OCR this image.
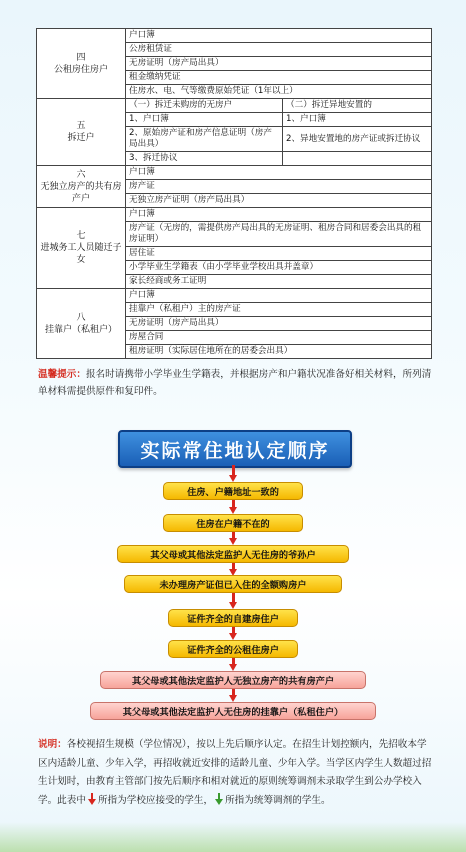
四
公租房住房户	户口簿	
	公房租赁证	
	无房证明（房产局出具）	
	租金缴纳凭证	
	住房水、电、气等缴费原始凭证（1年以上）	

五
拆迁户	（一）拆迁未购房的无房户	（二）拆迁异地安置的
	1、户口簿	1、户口簿
	2、原始房产证和房产信息证明（房产局出具）	2、异地安置地的房产证或拆迁协议
	3、拆迁协议	

六
无独立房产的共有房产户	户口簿	
	房产证	
	无独立房产证明（房产局出具）	

七
进城务工人员随迁子女	户口簿	
	房产证（无房的，需提供房产局出具的无房证明、租房合同和居委会出具的租房证明）	
	居住证	
	小学毕业生学籍表（由小学毕业学校出具并盖章）	
	家长经商或务工证明	

八
挂靠户（私租户）	户口簿	
	挂靠户（私租户）主的房产证	
	无房证明（房产局出具）	
	房屋合同	
	租房证明（实际居住地所在的居委会出具）	
温馨提示：报名时请携带小学毕业生学籍表，并根据房产和户籍状况准备好相关材料，所列清单材料需提供原件和复印件。
实际常住地认定顺序
住房、户籍地址一致的
住房在户籍不在的
其父母或其他法定监护人无住房的爷孙户
未办理房产证但已入住的全额购房户
证件齐全的自建房住户
证件齐全的公租住房户
其父母或其他法定监护人无独立房产的共有房产户
其父母或其他法定监护人无住房的挂靠户（私租住户）
说明：各校视招生规模（学位情况），按以上先后顺序认定。在招生计划控额内，先招收本学区内适龄儿童、少年入学，再招收就近安排的适龄儿童、少年入学。当学区内学生人数超过招生计划时，由教育主管部门按先后顺序和相对就近的原则统筹调剂未录取学生到公办学校入学。此表中 所指为学校应接受的学生， 所指为统筹调剂的学生。
